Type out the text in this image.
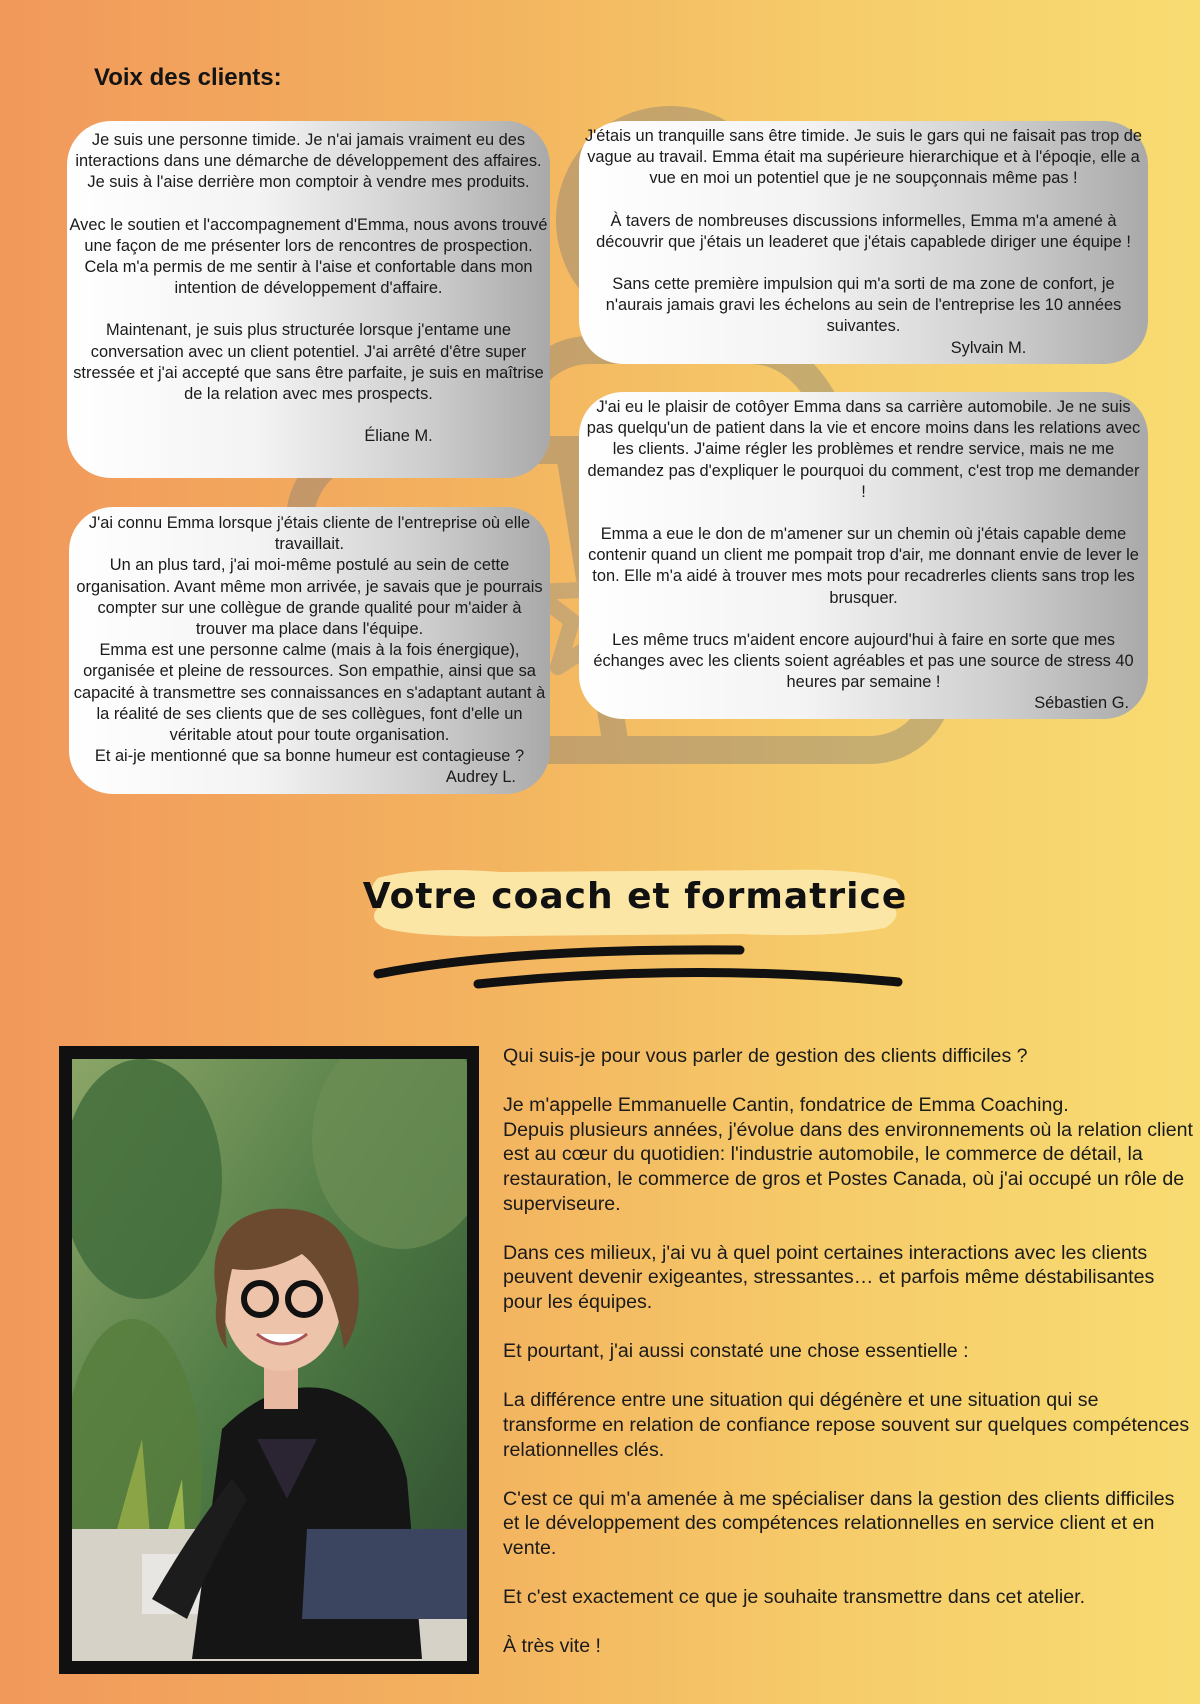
Voix des clients:

Je suis une personne timide. Je n'ai jamais vraiment eu des interactions dans une démarche de développement des affaires. Je suis à l'aise derrière mon comptoir à vendre mes produits.

Avec le soutien et l'accompagnement d'Emma, nous avons trouvé une façon de me présenter lors de rencontres de prospection. Cela m'a permis de me sentir à l'aise et confortable dans mon intention de développement d'affaire.

Maintenant, je suis plus structurée lorsque j'entame une conversation avec un client potentiel. J'ai arrêté d'être super stressée et j'ai accepté que sans être parfaite, je suis en maîtrise de la relation avec mes prospects.

Éliane M.

J'étais un tranquille sans être timide. Je suis le gars qui ne faisait pas trop de vague au travail. Emma était ma supérieure hierarchique et à l'époqie, elle a vue en moi un potentiel que je ne soupçonnais même pas !

À tavers de nombreuses discussions informelles, Emma m'a amené à découvrir que j'étais un leaderet que j'étais capablede diriger une équipe !

Sans cette première impulsion qui m'a sorti de ma zone de confort, je n'aurais jamais gravi les échelons au sein de l'entreprise les 10 années suivantes.

Sylvain M.

J'ai eu le plaisir de cotôyer Emma dans sa carrière automobile. Je ne suis pas quelqu'un de patient dans la vie et encore moins dans les relations avec les clients. J'aime régler les problèmes et rendre service, mais ne me demandez pas d'expliquer le pourquoi du comment, c'est trop me demander !

Emma a eue le don de m'amener sur un chemin où j'étais capable deme contenir quand un client me pompait trop d'air, me donnant envie de lever le ton. Elle m'a aidé à trouver mes mots pour recadrerles clients sans trop les brusquer.

Les même trucs m'aident encore aujourd'hui à faire en sorte que mes échanges avec les clients soient agréables et pas une source de stress 40 heures par semaine !

Sébastien G.

J'ai connu Emma lorsque j'étais cliente de l'entreprise où elle travaillait.

Un an plus tard, j'ai moi-même postulé au sein de cette organisation. Avant même mon arrivée, je savais que je pourrais compter sur une collègue de grande qualité pour m'aider à trouver ma place dans l'équipe.

Emma est une personne calme (mais à la fois énergique), organisée et pleine de ressources. Son empathie, ainsi que sa capacité à transmettre ses connaissances en s'adaptant autant à la réalité de ses clients que de ses collègues, font d'elle un véritable atout pour toute organisation.

Et ai-je mentionné que sa bonne humeur est contagieuse ?

Audrey L.

Votre coach et formatrice

Qui suis-je pour vous parler de gestion des clients difficiles ?

Je m'appelle Emmanuelle Cantin, fondatrice de Emma Coaching.

Depuis plusieurs années, j'évolue dans des environnements où la relation client est au cœur du quotidien: l'industrie automobile, le commerce de détail, la restauration, le commerce de gros et Postes Canada, où j'ai occupé un rôle de superviseure.

Dans ces milieux, j'ai vu à quel point certaines interactions avec les clients peuvent devenir exigeantes, stressantes… et parfois même déstabilisantes pour les équipes.

Et pourtant, j'ai aussi constaté une chose essentielle :

La différence entre une situation qui dégénère et une situation qui se transforme en relation de confiance repose souvent sur quelques compétences relationnelles clés.

C'est ce qui m'a amenée à me spécialiser dans la gestion des clients difficiles et le développement des compétences relationnelles en service client et en vente.

Et c'est exactement ce que je souhaite transmettre dans cet atelier.

À très vite !
